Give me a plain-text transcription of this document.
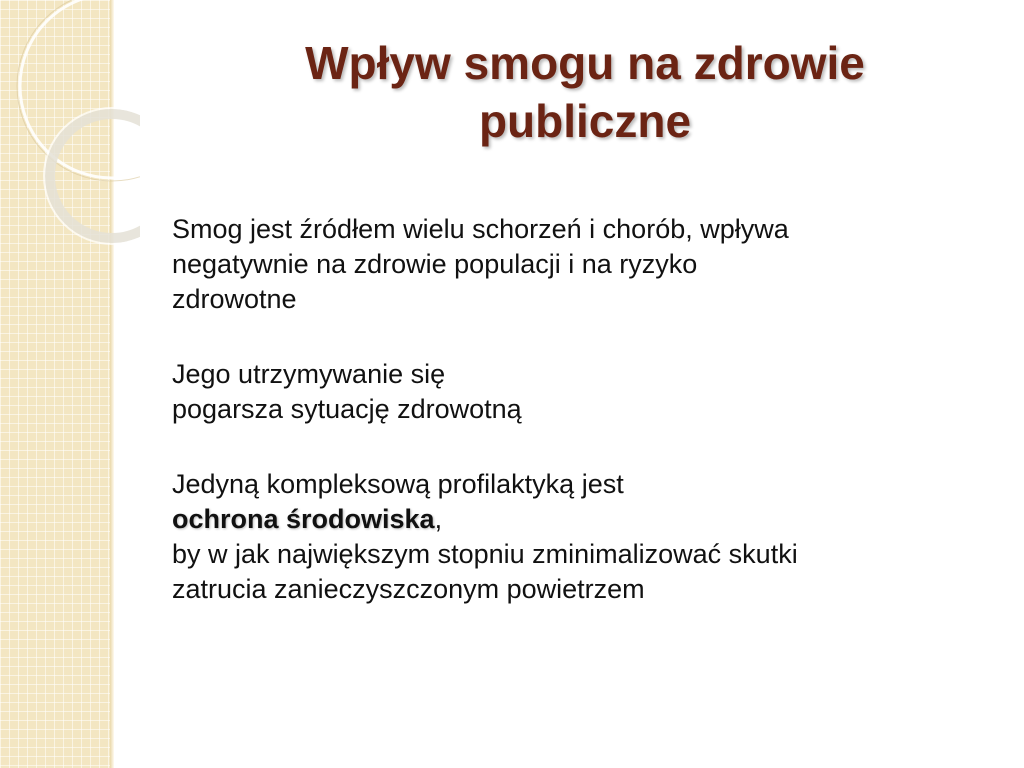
Wpływ smogu na zdrowie
publiczne

Smog jest źródłem wielu schorzeń i chorób, wpływa
negatywnie na zdrowie populacji i na ryzyko
zdrowotne

Jego utrzymywanie się
pogarsza sytuację zdrowotną

Jedyną kompleksową profilaktyką jest
ochrona środowiska,
by w jak największym stopniu zminimalizować skutki
zatrucia zanieczyszczonym powietrzem
